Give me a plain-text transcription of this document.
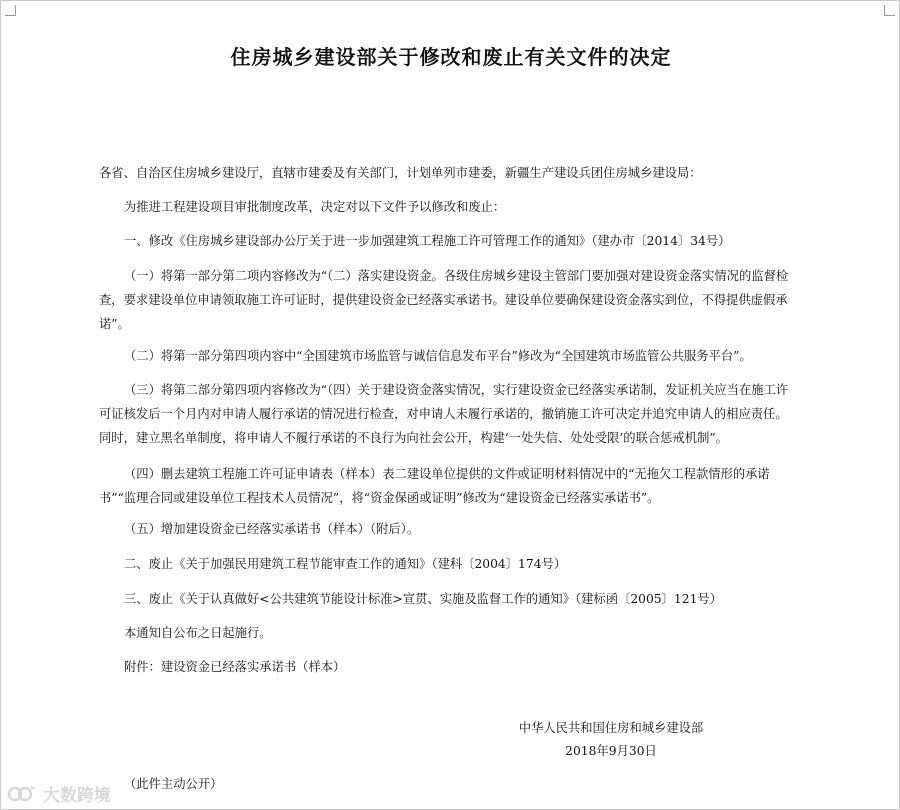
住房城乡建设部关于修改和废止有关文件的决定

各省、自治区住房城乡建设厅，直辖市建委及有关部门，计划单列市建委，新疆生产建设兵团住房城乡建设局：

为推进工程建设项目审批制度改革，决定对以下文件予以修改和废止：

一、修改《住房城乡建设部办公厅关于进一步加强建筑工程施工许可管理工作的通知》（建办市〔2014〕34号）

（一）将第一部分第二项内容修改为“（二）落实建设资金。各级住房城乡建设主管部门要加强对建设资金落实情况的监督检查，要求建设单位申请领取施工许可证时，提供建设资金已经落实承诺书。建设单位要确保建设资金落实到位，不得提供虚假承诺”。

（二）将第一部分第四项内容中“全国建筑市场监管与诚信信息发布平台”修改为“全国建筑市场监管公共服务平台”。

（三）将第二部分第四项内容修改为“（四）关于建设资金落实情况，实行建设资金已经落实承诺制，发证机关应当在施工许可证核发后一个月内对申请人履行承诺的情况进行检查，对申请人未履行承诺的，撤销施工许可决定并追究申请人的相应责任。同时，建立黑名单制度，将申请人不履行承诺的不良行为向社会公开，构建‘一处失信、处处受限’的联合惩戒机制”。

（四）删去建筑工程施工许可证申请表（样本）表二建设单位提供的文件或证明材料情况中的“无拖欠工程款情形的承诺书”“监理合同或建设单位工程技术人员情况”，将“资金保函或证明”修改为“建设资金已经落实承诺书”。

（五）增加建设资金已经落实承诺书（样本）（附后）。

二、废止《关于加强民用建筑工程节能审查工作的通知》（建科〔2004〕174号）

三、废止《关于认真做好<公共建筑节能设计标准>宣贯、实施及监督工作的通知》（建标函〔2005〕121号）

本通知自公布之日起施行。

附件：建设资金已经落实承诺书（样本）

中华人民共和国住房和城乡建设部

2018年9月30日

（此件主动公开）

大数跨境
